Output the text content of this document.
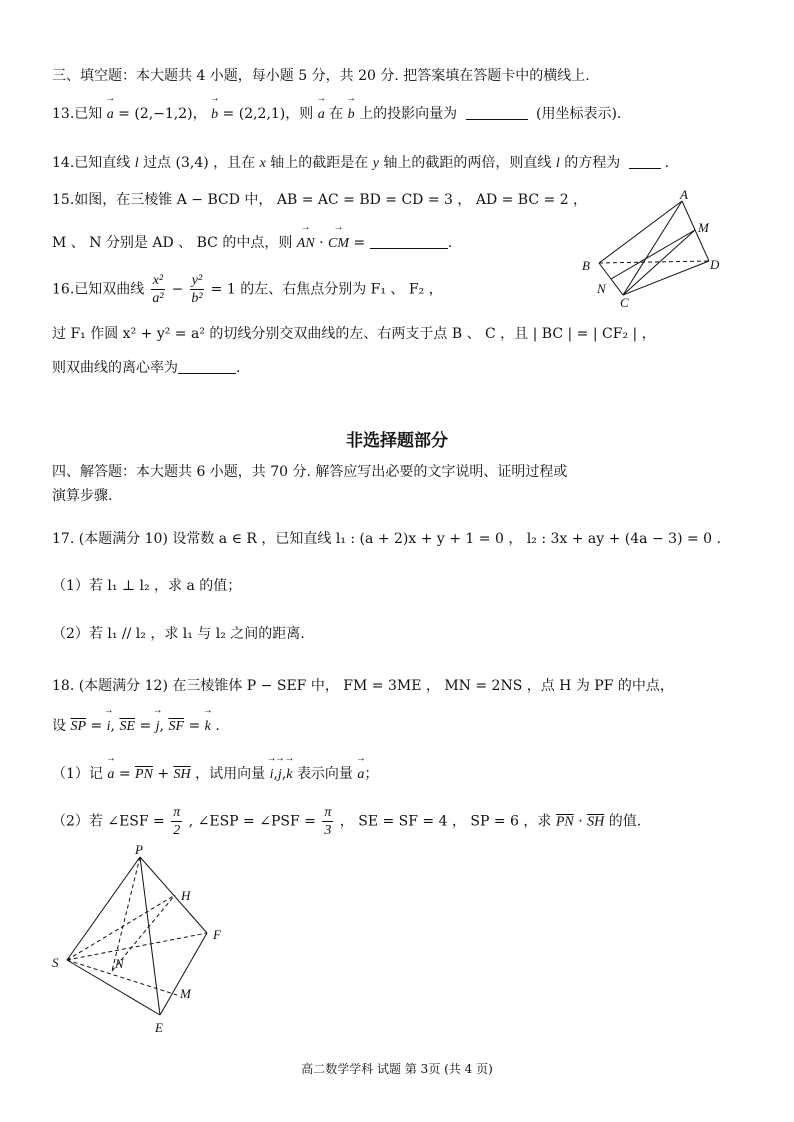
三、填空题：本大题共 4 小题，每小题 5 分，共 20 分. 把答案填在答题卡中的横线上.
13.已知 → a = (2,−1,2)， → b = (2,2,1)，则 → a 在 → b 上的投影向量为	(用坐标表示).
14.已知直线 l 过点 (3,4) ，且在 x 轴上的截距是在 y 轴上的截距的两倍，则直线 l 的方程为	.
15.如图，在三棱锥 A − BCD 中， AB = AC = BD = CD = 3 ， AD = BC = 2 ，
M 、 N 分别是 AD 、 BC 的中点，则 → AN · → CM =	.
A
M
B	D
N
C
16.已知双曲线 $\frac{\text{x²}}{\text{a²}} - \frac{\text{y²}}{\text{b²}} = 1$ 的左、右焦点分别为 F₁ 、 F₂ ，
过 F₁ 作圆 x² + y² = a² 的切线分别交双曲线的左、右两支于点 B 、 C ，且 | BC | = | CF₂ | ，
则双曲线的离心率为	.
非选择题部分
四、解答题：本大题共 6 小题，共 70 分. 解答应写出必要的文字说明、证明过程或
演算步骤.
17. (本题满分 10) 设常数 a ∈ R ，已知直线 l₁ : (a + 2)x + y + 1 = 0 ， l₂ : 3x + ay + (4a − 3) = 0 .
（1）若 l₁ ⊥ l₂ ，求 a 的值；
（2）若 l₁ // l₂ ，求 l₁ 与 l₂ 之间的距离.
18. (本题满分 12) 在三棱锥体 P − SEF 中， FM = 3ME ， MN = 2NS ，点 H 为 PF 的中点，
设 $\overline{SP}$ = → i, $\overline{SE}$ = → j, $\overline{SF}$ = → k .
（1）记 → $a = \overline{PN} + \overline{SH}$ ，试用向量 → i,→ j,→ k 表示向量 → a；
（2）若 ∠ESF = $\frac{\pi}{2}$ , ∠ESP = ∠PSF = $\frac{\pi}{3}$ ， SE = SF = 4 ， SP = 6 ，求 $\overline{PN} \cdot \overline{SH}$ 的值.
P
H
F
S	N
M
E
高二数学学科 试题 第 3页 (共 4 页)
